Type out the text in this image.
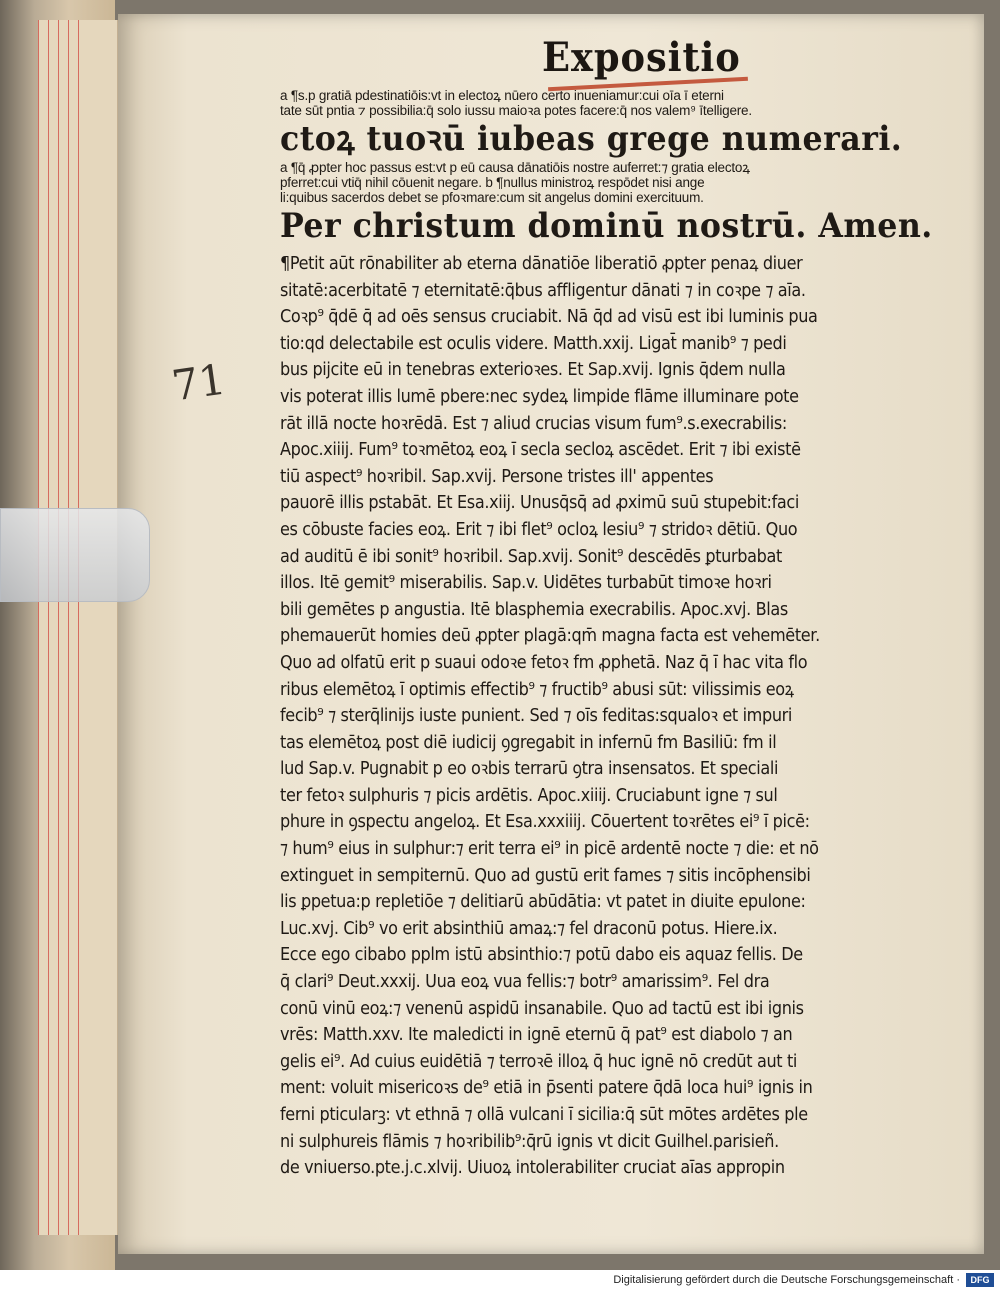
Expositio
71
a ¶s.p gratiā pdestinatiōis:vt in electoꝝ nūero certo inueniamur:cui oīa ī eterni
tate sūt pntia ⁊ possibilia:q̄ solo iussu maioꝛa potes facere:q̄ nos valem⁹ ītelligere.
ctoꝝ tuoꝛū iubeas grege numerari.
a ¶q̄ ꝓpter hoc passus est:vt p eū causa dānatiōis nostre auferret:⁊ gratia electoꝝ
pferret:cui vtiq̄ nihil cōuenit negare. b ¶nullus ministroꝝ respōdet nisi ange
li:quibus sacerdos debet se pfoꝛmare:cum sit angelus domini exercituum.
Per christum dominū nostrū. Amen.
¶Petit aūt rōnabiliter ab eterna dānatiōe liberatiō ꝓpter penaꝝ diuer
sitatē:acerbitatē ⁊ eternitatē:q̄bus affligentur dānati ⁊ in coꝛpe ⁊ aīa.
Coꝛp⁹ q̄dē q̄ ad oēs sensus cruciabit. Nā q̄d ad visū est ibi luminis pua
tio:qd delectabile est oculis videre. Matth.xxij. Ligat̄ manib⁹ ⁊ pedi
bus pijcite eū in tenebras exterioꝛes. Et Sap.xvij. Ignis q̄dem nulla
vis poterat illis lumē pbere:nec sydeꝝ limpide flāme illuminare pote
rāt illā nocte hoꝛrēdā. Est ⁊ aliud crucias visum fum⁹.s.execrabilis:
Apoc.xiiij. Fum⁹ toꝛmētoꝝ eoꝝ ī secla secloꝝ ascēdet. Erit ⁊ ibi existē
tiū aspect⁹ hoꝛribil. Sap.xvij. Persone tristes ill' appentes
pauorē illis pstabāt. Et Esa.xiij. Unusq̄sq̄ ad ꝓximū suū stupebit:faci
es cōbuste facies eoꝝ. Erit ⁊ ibi flet⁹ ocloꝝ lesiu⁹ ⁊ stridoꝛ dētiū. Quo
ad auditū ē ibi sonit⁹ hoꝛribil. Sap.xvij. Sonit⁹ descēdēs ꝑturbabat
illos. Itē gemit⁹ miserabilis. Sap.v. Uidētes turbabūt timoꝛe hoꝛri
bili gemētes p angustia. Itē blasphemia execrabilis. Apoc.xvj. Blas
phemauerūt homies deū ꝓpter plagā:qm̄ magna facta est vehemēter.
Quo ad olfatū erit p suaui odoꝛe fetoꝛ fm ꝓphetā. Naz q̄ ī hac vita flo
ribus elemētoꝝ ī optimis effectib⁹ ⁊ fructib⁹ abusi sūt: vilissimis eoꝝ
fecib⁹ ⁊ sterq̄linijs iuste punient. Sed ⁊ oīs feditas:squaloꝛ et impuri
tas elemētoꝝ post diē iudicij ꝯgregabit in infernū fm Basiliū: fm il
lud Sap.v. Pugnabit p eo oꝛbis terrarū ꝯtra insensatos. Et speciali
ter fetoꝛ sulphuris ⁊ picis ardētis. Apoc.xiiij. Cruciabunt igne ⁊ sul
phure in ꝯspectu angeloꝝ. Et Esa.xxxiiij. Cōuertent toꝛrētes ei⁹ ī picē:
⁊ hum⁹ eius in sulphur:⁊ erit terra ei⁹ in picē ardentē nocte ⁊ die: et nō
extinguet in sempiternū. Quo ad gustū erit fames ⁊ sitis incōphensibi
lis ꝑpetua:p repletiōe ⁊ delitiarū abūdātia: vt patet in diuite epulone:
Luc.xvj. Cib⁹ vo erit absinthiū amaꝝ:⁊ fel draconū potus. Hiere.ix.
Ecce ego cibabo pplm istū absinthio:⁊ potū dabo eis aquaz fellis. De
q̄ clari⁹ Deut.xxxij. Uua eoꝝ vua fellis:⁊ botr⁹ amarissim⁹. Fel dra
conū vinū eoꝝ:⁊ venenū aspidū insanabile. Quo ad tactū est ibi ignis
vrēs: Matth.xxv. Ite maledicti in ignē eternū q̄ pat⁹ est diabolo ⁊ an
gelis ei⁹. Ad cuius euidētiā ⁊ terroꝛē illoꝝ q̄ huc ignē nō credūt aut ti
ment: voluit misericoꝛs de⁹ etiā in p̄senti patere q̄dā loca hui⁹ ignis in
ferni pticularꝫ: vt ethnā ⁊ ollā vulcani ī sicilia:q̄ sūt mōtes ardētes ple
ni sulphureis flāmis ⁊ hoꝛribilib⁹:q̄rū ignis vt dicit Guilhel.parisieñ.
de vniuerso.pte.j.c.xlvij. Uiuoꝝ intolerabiliter cruciat aīas appropin
Digitalisierung gefördert durch die Deutsche Forschungsgemeinschaft ·	DFG
